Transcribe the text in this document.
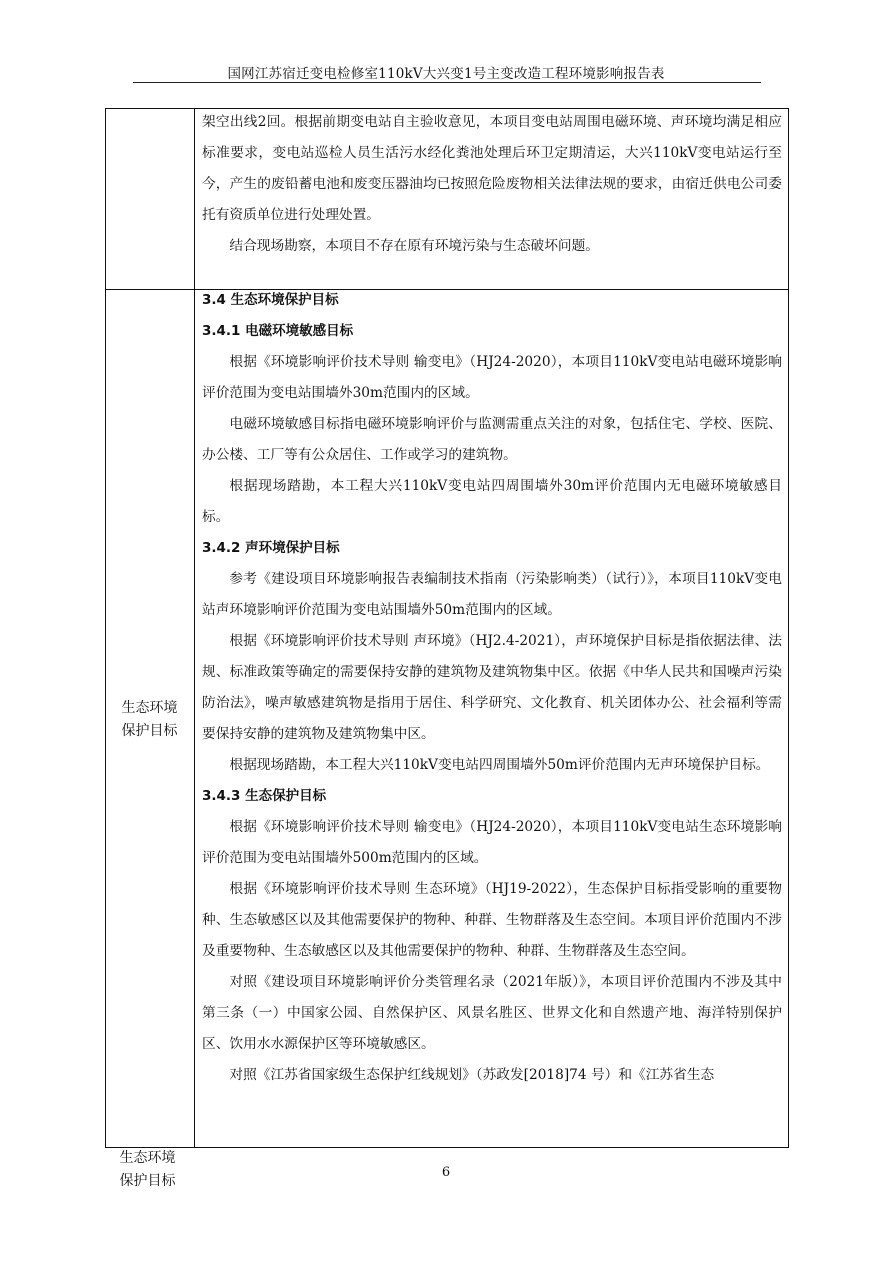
国网江苏宿迁变电检修室110kV大兴变1号主变改造工程环境影响报告表

架空出线2回。根据前期变电站自主验收意见，本项目变电站周围电磁环境、声环境均满足相应标准要求，变电站巡检人员生活污水经化粪池处理后环卫定期清运，大兴110kV变电站运行至今，产生的废铅蓄电池和废变压器油均已按照危险废物相关法律法规的要求，由宿迁供电公司委托有资质单位进行处理处置。

结合现场勘察，本项目不存在原有环境污染与生态破坏问题。

生态环境
保护目标

3.4 生态环境保护目标

3.4.1 电磁环境敏感目标

根据《环境影响评价技术导则 输变电》（HJ24-2020），本项目110kV变电站电磁环境影响评价范围为变电站围墙外30m范围内的区域。

电磁环境敏感目标指电磁环境影响评价与监测需重点关注的对象，包括住宅、学校、医院、办公楼、工厂等有公众居住、工作或学习的建筑物。

根据现场踏勘，本工程大兴110kV变电站四周围墙外30m评价范围内无电磁环境敏感目标。

3.4.2 声环境保护目标

参考《建设项目环境影响报告表编制技术指南（污染影响类）（试行）》，本项目110kV变电站声环境影响评价范围为变电站围墙外50m范围内的区域。

根据《环境影响评价技术导则 声环境》（HJ2.4-2021），声环境保护目标是指依据法律、法规、标准政策等确定的需要保持安静的建筑物及建筑物集中区。依据《中华人民共和国噪声污染防治法》，噪声敏感建筑物是指用于居住、科学研究、文化教育、机关团体办公、社会福利等需要保持安静的建筑物及建筑物集中区。

根据现场踏勘，本工程大兴110kV变电站四周围墙外50m评价范围内无声环境保护目标。

3.4.3 生态保护目标

根据《环境影响评价技术导则 输变电》（HJ24-2020），本项目110kV变电站生态环境影响评价范围为变电站围墙外500m范围内的区域。

根据《环境影响评价技术导则 生态环境》（HJ19-2022），生态保护目标指受影响的重要物种、生态敏感区以及其他需要保护的物种、种群、生物群落及生态空间。本项目评价范围内不涉及重要物种、生态敏感区以及其他需要保护的物种、种群、生物群落及生态空间。

对照《建设项目环境影响评价分类管理名录（2021年版）》，本项目评价范围内不涉及其中第三条（一）中国家公园、自然保护区、风景名胜区、世界文化和自然遗产地、海洋特别保护区、饮用水水源保护区等环境敏感区。

对照《江苏省国家级生态保护红线规划》（苏政发[2018]74 号）和《江苏省生态

生态环境
保护目标
6
